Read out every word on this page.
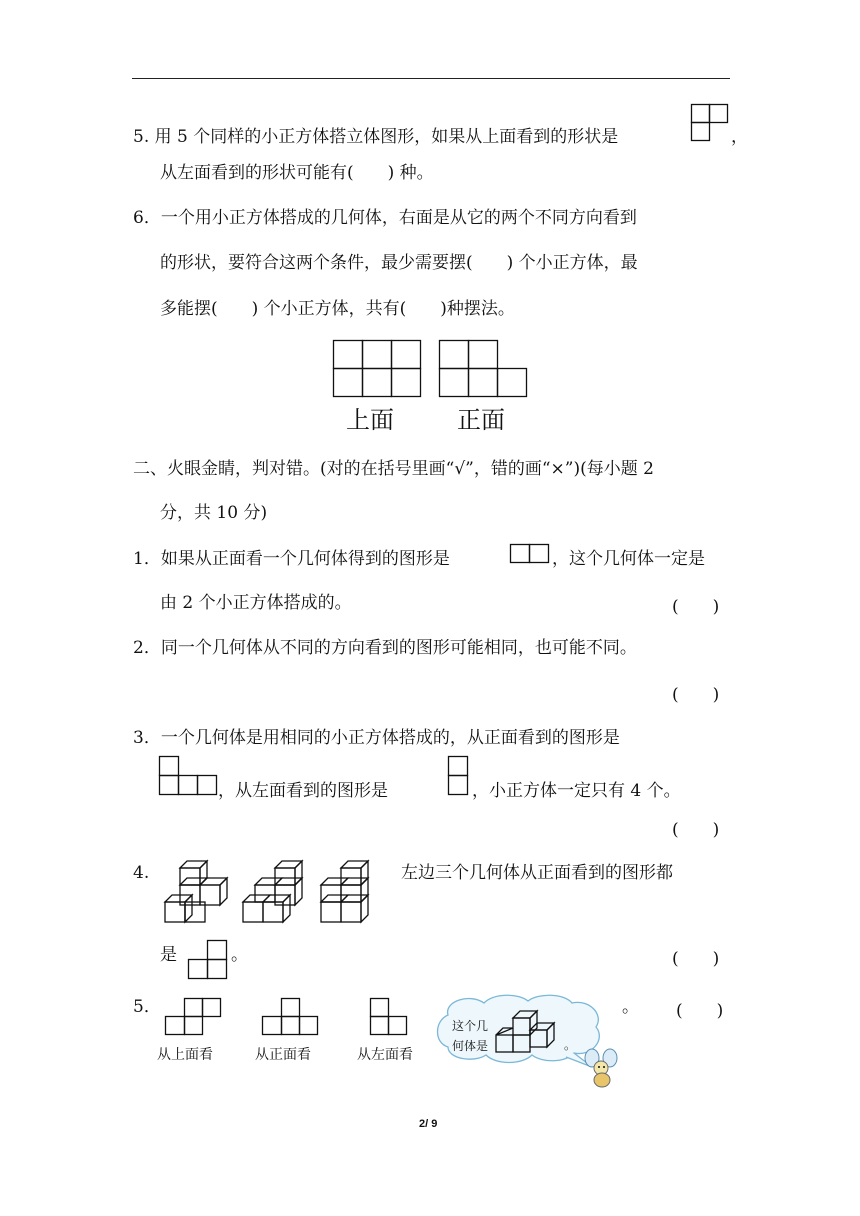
5. 用 5 个同样的小正方体搭立体图形，如果从上面看到的形状是	，
从左面看到的形状可能有(　　) 种。
6．一个用小正方体搭成的几何体，右面是从它的两个不同方向看到
的形状，要符合这两个条件，最少需要摆(　　) 个小正方体，最
多能摆(　　) 个小正方体，共有(　　)种摆法。
上面	正面
二、火眼金睛，判对错。(对的在括号里画“√”，错的画“×”)(每小题 2
分，共 10 分)
1．如果从正面看一个几何体得到的图形是	，这个几何体一定是
由 2 个小正方体搭成的。	(　　)
2．同一个几何体从不同的方向看到的图形可能相同，也可能不同。
(　　)
3．一个几何体是用相同的小正方体搭成的，从正面看到的图形是
，从左面看到的图形是	，小正方体一定只有 4 个。
(　　)
4.	左边三个几何体从正面看到的图形都
是	。	(　　)
5．
从上面看	从正面看	从左面看
这个几
何体是	。
。 (　　)
2/ 9
